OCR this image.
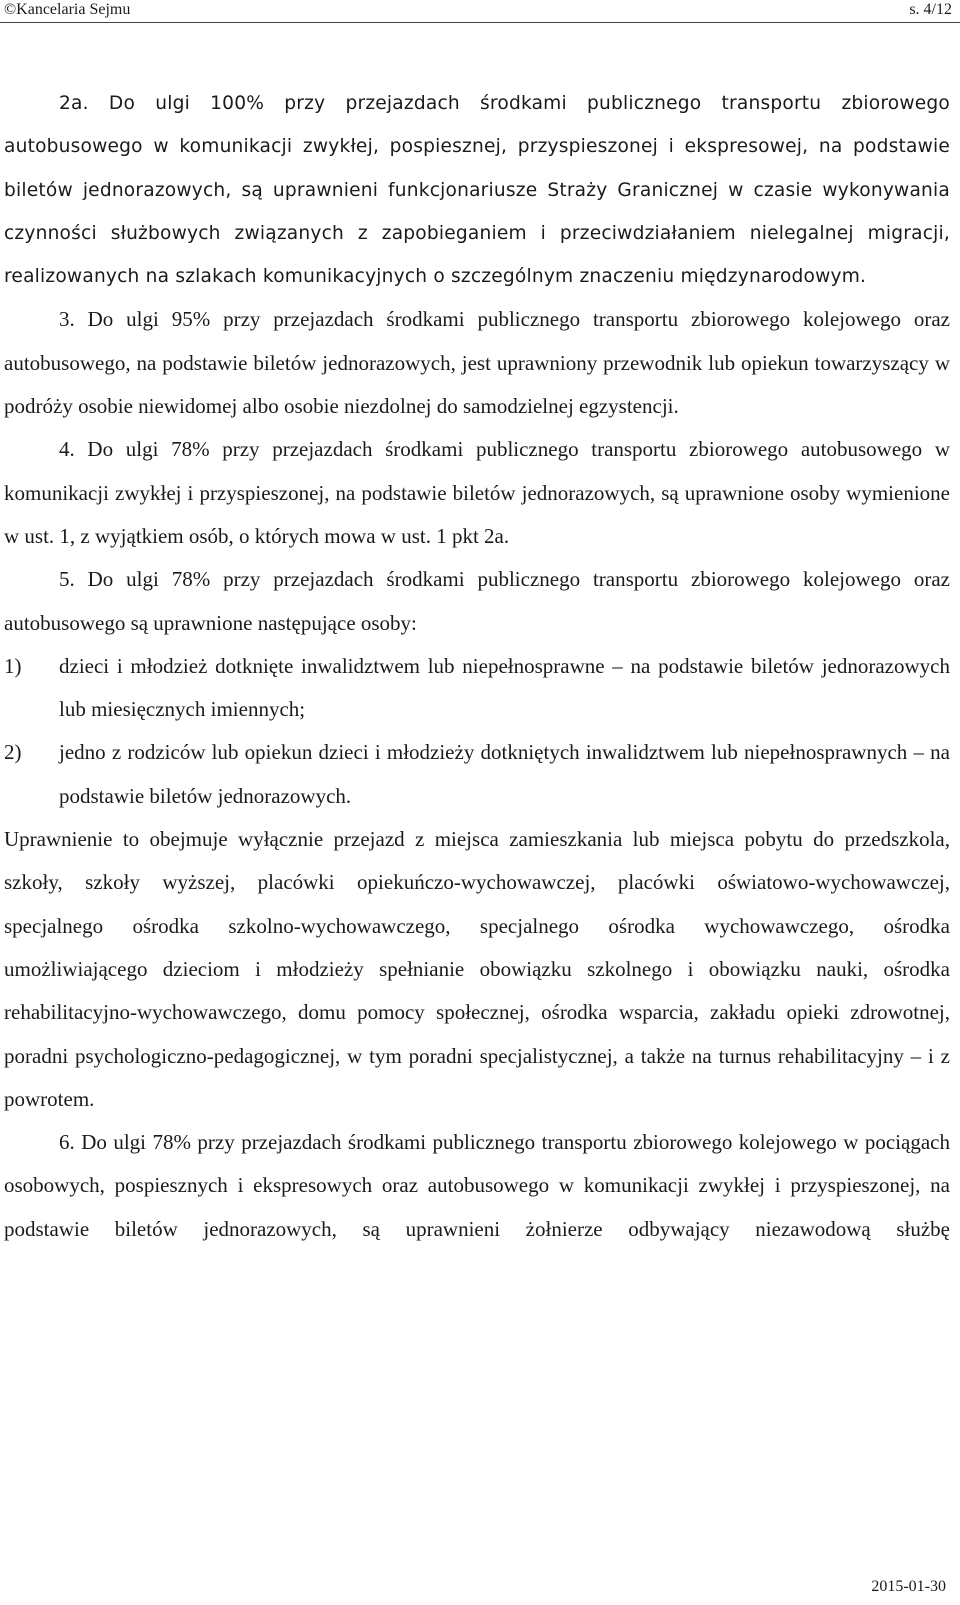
©Kancelaria Sejmu	s. 4/12

2a. Do ulgi 100% przy przejazdach środkami publicznego transportu zbiorowego autobusowego w komunikacji zwykłej, pospiesznej, przyspieszonej i ekspresowej, na podstawie biletów jednorazowych, są uprawnieni funkcjonariusze Straży Granicznej w czasie wykonywania czynności służbowych związanych z zapobieganiem i przeciwdziałaniem nielegalnej migracji, realizowanych na szlakach komunikacyjnych o szczególnym znaczeniu międzynarodowym.

3. Do ulgi 95% przy przejazdach środkami publicznego transportu zbiorowego kolejowego oraz autobusowego, na podstawie biletów jednorazowych, jest uprawniony przewodnik lub opiekun towarzyszący w podróży osobie niewidomej albo osobie niezdolnej do samodzielnej egzystencji.

4. Do ulgi 78% przy przejazdach środkami publicznego transportu zbiorowego autobusowego w komunikacji zwykłej i przyspieszonej, na podstawie biletów jednorazowych, są uprawnione osoby wymienione w ust. 1, z wyjątkiem osób, o których mowa w ust. 1 pkt 2a.

5. Do ulgi 78% przy przejazdach środkami publicznego transportu zbiorowego kolejowego oraz autobusowego są uprawnione następujące osoby:

1) dzieci i młodzież dotknięte inwalidztwem lub niepełnosprawne – na podstawie biletów jednorazowych lub miesięcznych imiennych;

2) jedno z rodziców lub opiekun dzieci i młodzieży dotkniętych inwalidztwem lub niepełnosprawnych – na podstawie biletów jednorazowych.

Uprawnienie to obejmuje wyłącznie przejazd z miejsca zamieszkania lub miejsca pobytu do przedszkola, szkoły, szkoły wyższej, placówki opiekuńczo-wychowawczej, placówki oświatowo-wychowawczej, specjalnego ośrodka szkolno-wychowawczego, specjalnego ośrodka wychowawczego, ośrodka umożliwiającego dzieciom i młodzieży spełnianie obowiązku szkolnego i obowiązku nauki, ośrodka rehabilitacyjno-wychowawczego, domu pomocy społecznej, ośrodka wsparcia, zakładu opieki zdrowotnej, poradni psychologiczno-pedagogicznej, w tym poradni specjalistycznej, a także na turnus rehabilitacyjny – i z powrotem.

6. Do ulgi 78% przy przejazdach środkami publicznego transportu zbiorowego kolejowego w pociągach osobowych, pospiesznych i ekspresowych oraz autobusowego w komunikacji zwykłej i przyspieszonej, na podstawie biletów jednorazowych, są uprawnieni żołnierze odbywający niezawodową służbę

2015-01-30
